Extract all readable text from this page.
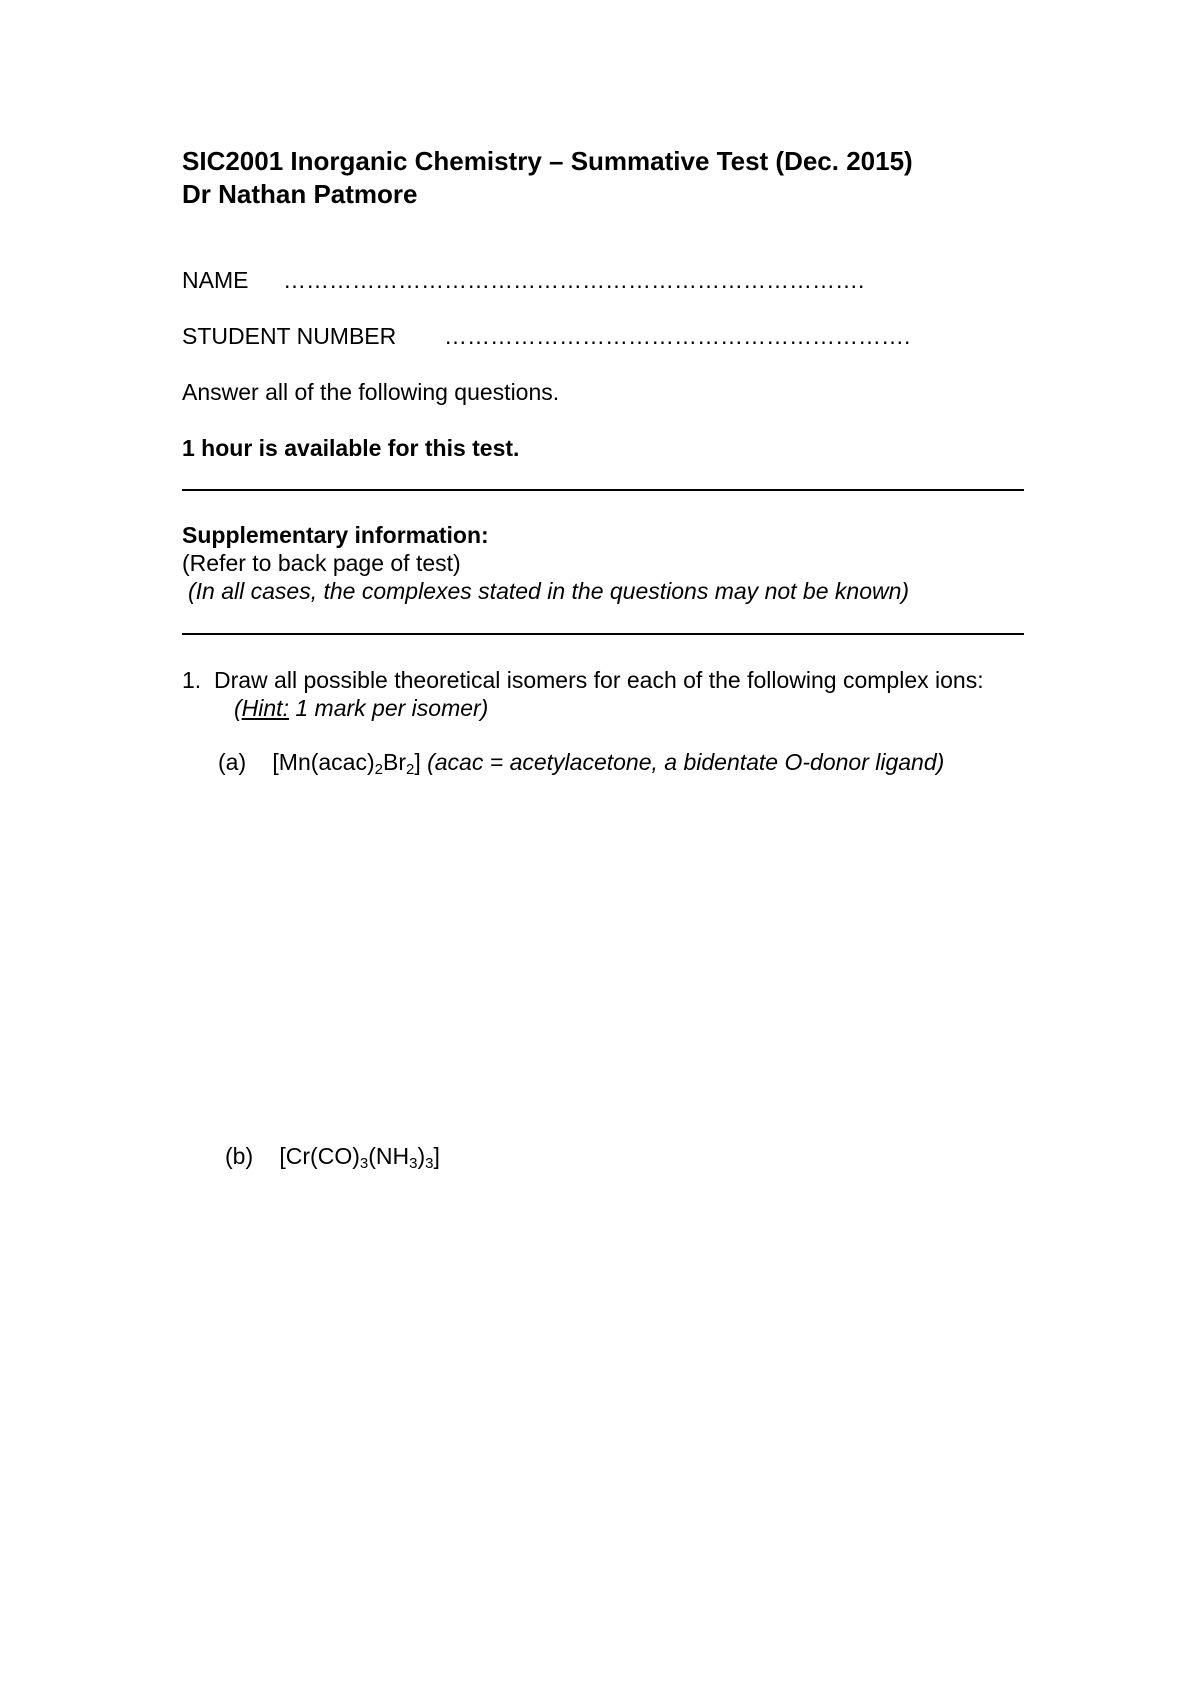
SIC2001 Inorganic Chemistry – Summative Test (Dec. 2015)
Dr Nathan Patmore
NAME ………………………………………………………………….
STUDENT NUMBER …………………………………………………….

Answer all of the following questions.

1 hour is available for this test.

Supplementary information:

(Refer to back page of test)

(In all cases, the complexes stated in the questions may not be known)

1. Draw all possible theoretical isomers for each of the following complex ions:(Hint: 1 mark per isomer)

(a) $[Mn(acac)_2Br_2]$ (acac = acetylacetone, a bidentate O-donor ligand)
(b) $[Cr(CO)_3(NH_3)_3]$
